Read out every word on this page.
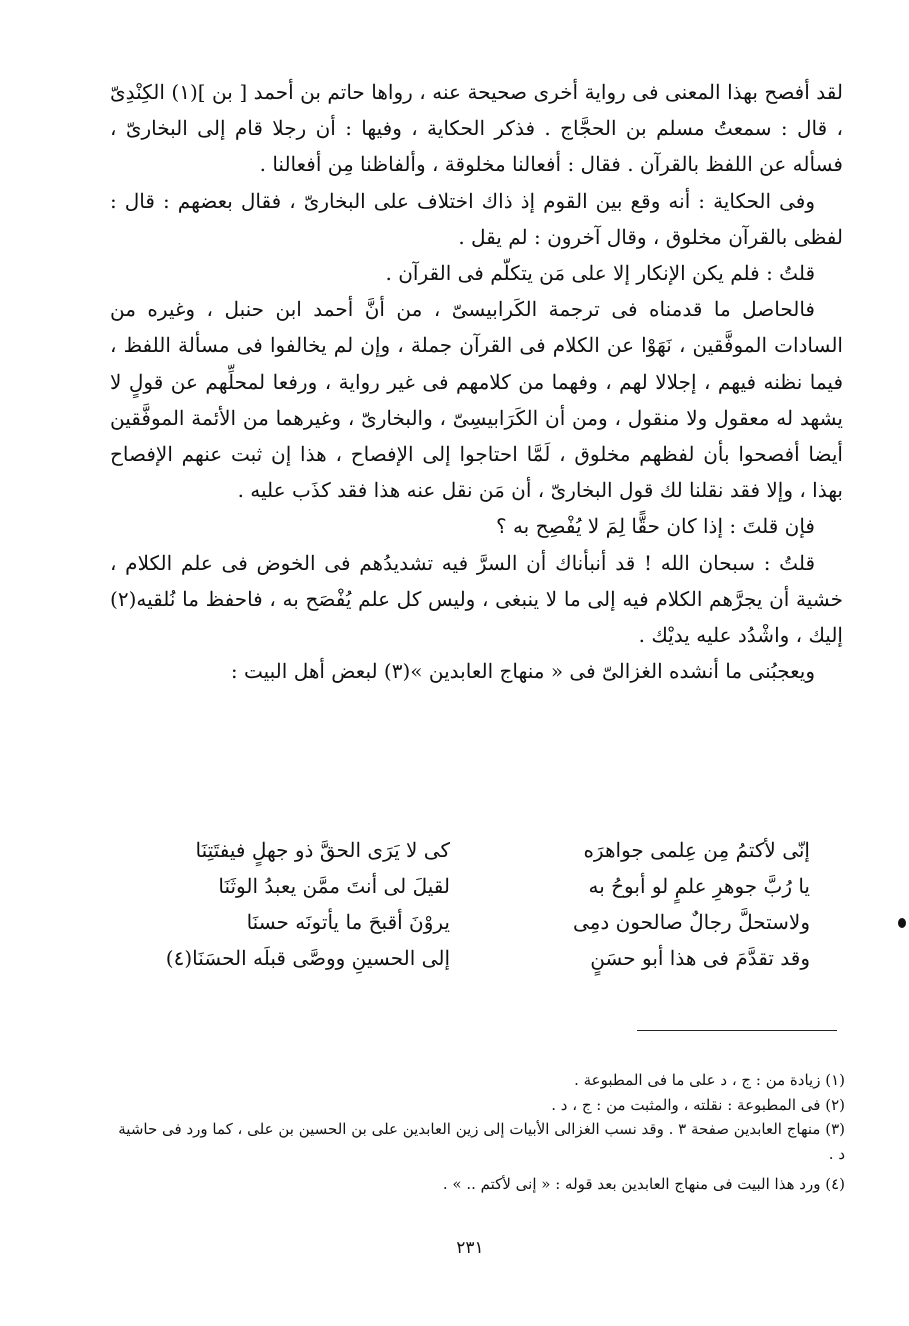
لقد أفصح بهذا المعنى فى رواية أخرى صحيحة عنه ، رواها حاتم بن أحمد [ بن ](١) الكِنْدِىّ ، قال : سمعتُ مسلم بن الحجَّاج . فذكر الحكاية ، وفيها : أن رجلا قام إلى البخارىّ ، فسأله عن اللفظ بالقرآن . فقال : أفعالنا مخلوقة ، وألفاظنا مِن أفعالنا .

وفى الحكاية : أنه وقع بين القوم إذ ذاك اختلاف على البخارىّ ، فقال بعضهم : قال : لفظى بالقرآن مخلوق ، وقال آخرون : لم يقل .

قلتُ : فلم يكن الإنكار إلا على مَن يتكلّم فى القرآن .

فالحاصل ما قدمناه فى ترجمة الكَرابيسىّ ، من أنَّ أحمد ابن حنبل ، وغيره من السادات الموفَّقين ، نَهَوْا عن الكلام فى القرآن جملة ، وإن لم يخالفوا فى مسألة اللفظ ، فيما نظنه فيهم ، إجلالا لهم ، وفهما من كلامهم فى غير رواية ، ورفعا لمحلِّهم عن قولٍ لا يشهد له معقول ولا منقول ، ومن أن الكَرَابيسِىّ ، والبخارىّ ، وغيرهما من الأئمة الموفَّقين أيضا أفصحوا بأن لفظهم مخلوق ، لَمَّا احتاجوا إلى الإفصاح ، هذا إن ثبت عنهم الإفصاح بهذا ، وإلا فقد نقلنا لك قول البخارىّ ، أن مَن نقل عنه هذا فقد كذَب عليه .

فإن قلتَ : إذا كان حقًّا لِمَ لا يُفْصِح به ؟

قلتُ : سبحان الله ! قد أنبأناك أن السرَّ فيه تشديدُهم فى الخوض فى علم الكلام ، خشية أن يجرَّهم الكلام فيه إلى ما لا ينبغى ، وليس كل علم يُفْصَح به ، فاحفظ ما نُلقيه(٢) إليك ، واشْدُد عليه يديْك .

ويعجبُنى ما أنشده الغزالىّ فى « منهاج العابدين »(٣) لبعض أهل البيت :

إنّى لأكتمُ مِن عِلمى جواهرَه
كى لا يَرَى الحقَّ ذو جهلٍ فيفتَتِنَا
يا رُبَّ جوهرِ علمٍ لو أبوحُ به
لقيلَ لى أنتَ ممَّن يعبدُ الوثَنَا
ولاستحلَّ رجالٌ صالحون دمِى
يروْنَ أقبحَ ما يأتونَه حسنَا
وقد تقدَّمَ فى هذا أبو حسَنٍ
إلى الحسينِ ووصَّى قبلَه الحسَنَا(٤)

(١) زيادة من : ج ، د على ما فى المطبوعة .

(٢) فى المطبوعة : نقلته ، والمثبت من : ج ، د .

(٣) منهاج العابدين صفحة ٣ . وقد نسب الغزالى الأبيات إلى زين العابدين على بن الحسين بن على ، كما ورد فى حاشية د .

(٤) ورد هذا البيت فى منهاج العابدين بعد قوله : « إنى لأكتم .. » .

٢٣١
